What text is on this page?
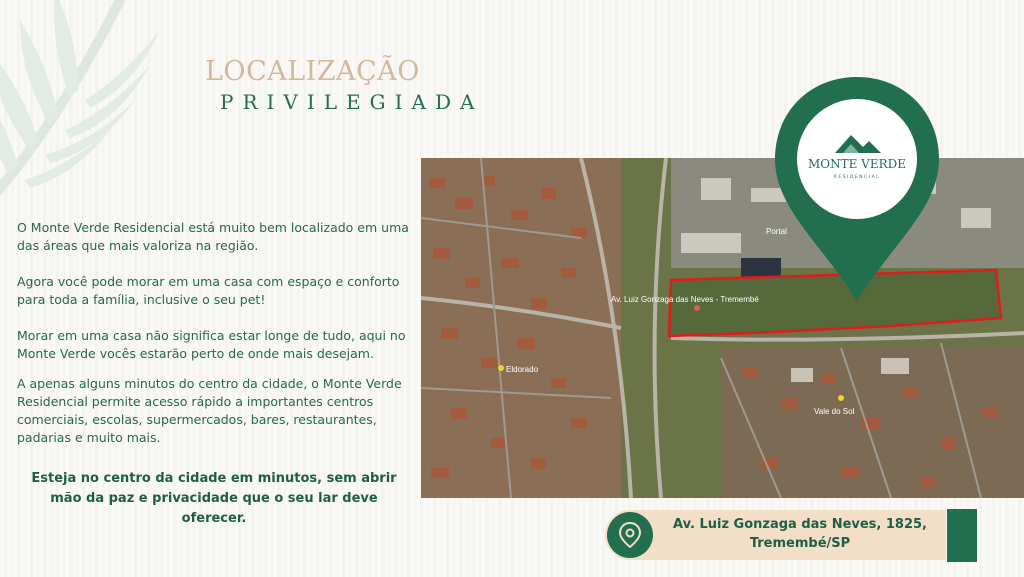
LOCALIZAÇÃO
PRIVILEGIADA

O Monte Verde Residencial está muito bem localizado em uma das áreas que mais valoriza na região.

Agora você pode morar em uma casa com espaço e conforto para toda a família, inclusive o seu pet!

Morar em uma casa não significa estar longe de tudo, aqui no Monte Verde vocês estarão perto de onde mais desejam.

A apenas alguns minutos do centro da cidade, o Monte Verde Residencial permite acesso rápido a importantes centros comerciais, escolas, supermercados, bares, restaurantes, padarias e muito mais.

Esteja no centro da cidade em minutos, sem abrir mão da paz e privacidade que o seu lar deve oferecer.

Av. Luiz Gonzaga das Neves - Tremembé
Eldorado
Vale do Sol
Portal
MONTE VERDE
RESIDENCIAL
Av. Luiz Gonzaga das Neves, 1825,
Tremembé/SP
